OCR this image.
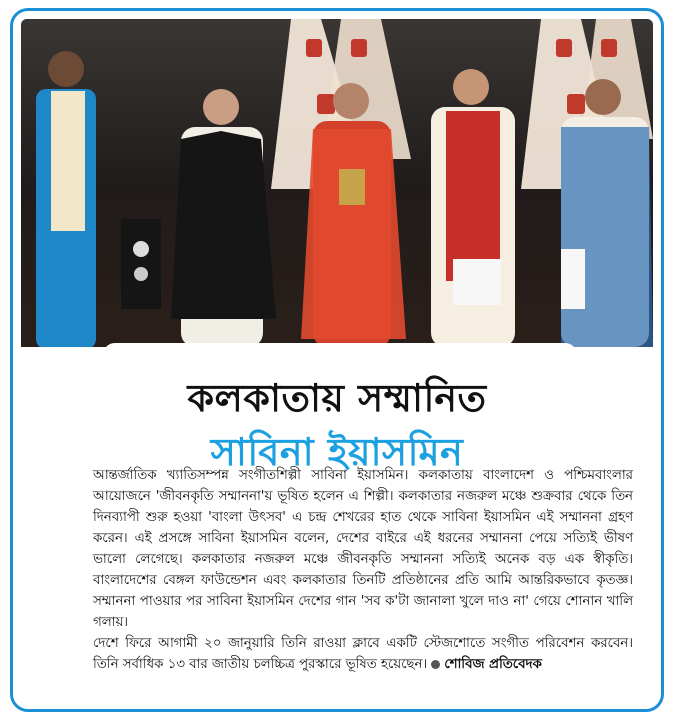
কলকাতায় সম্মানিত
সাবিনা ইয়াসমিন

আন্তর্জাতিক খ্যাতিসম্পন্ন সংগীতশিল্পী সাবিনা ইয়াসমিন। কলকাতায় বাংলাদেশ ও পশ্চিমবাংলার আয়োজনে 'জীবনকৃতি সম্মাননা'য় ভূষিত হলেন এ শিল্পী। কলকাতার নজরুল মঞ্চে শুক্রবার থেকে তিন দিনব্যাপী শুরু হওয়া 'বাংলা উৎসব' এ চন্দ্র শেখরের হাত থেকে সাবিনা ইয়াসমিন এই সম্মাননা গ্রহণ করেন। এই প্রসঙ্গে সাবিনা ইয়াসমিন বলেন, দেশের বাইরে এই ধরনের সম্মাননা পেয়ে সত্যিই ভীষণ ভালো লেগেছে। কলকাতার নজরুল মঞ্চে জীবনকৃতি সম্মাননা সত্যিই অনেক বড় এক স্বীকৃতি। বাংলাদেশের বেঙ্গল ফাউন্ডেশন এবং কলকাতার তিনটি প্রতিষ্ঠানের প্রতি আমি আন্তরিকভাবে কৃতজ্ঞ। সম্মাননা পাওয়ার পর সাবিনা ইয়াসমিন দেশের গান 'সব ক'টা জানালা খুলে দাও না' গেয়ে শোনান খালি গলায়।

দেশে ফিরে আগামী ২০ জানুয়ারি তিনি রাওয়া ক্লাবে একটি স্টেজশোতে সংগীত পরিবেশন করবেন। তিনি সর্বাধিক ১৩ বার জাতীয় চলচ্চিত্র পুরস্কারে ভূষিত হয়েছেন। শোবিজ প্রতিবেদক
